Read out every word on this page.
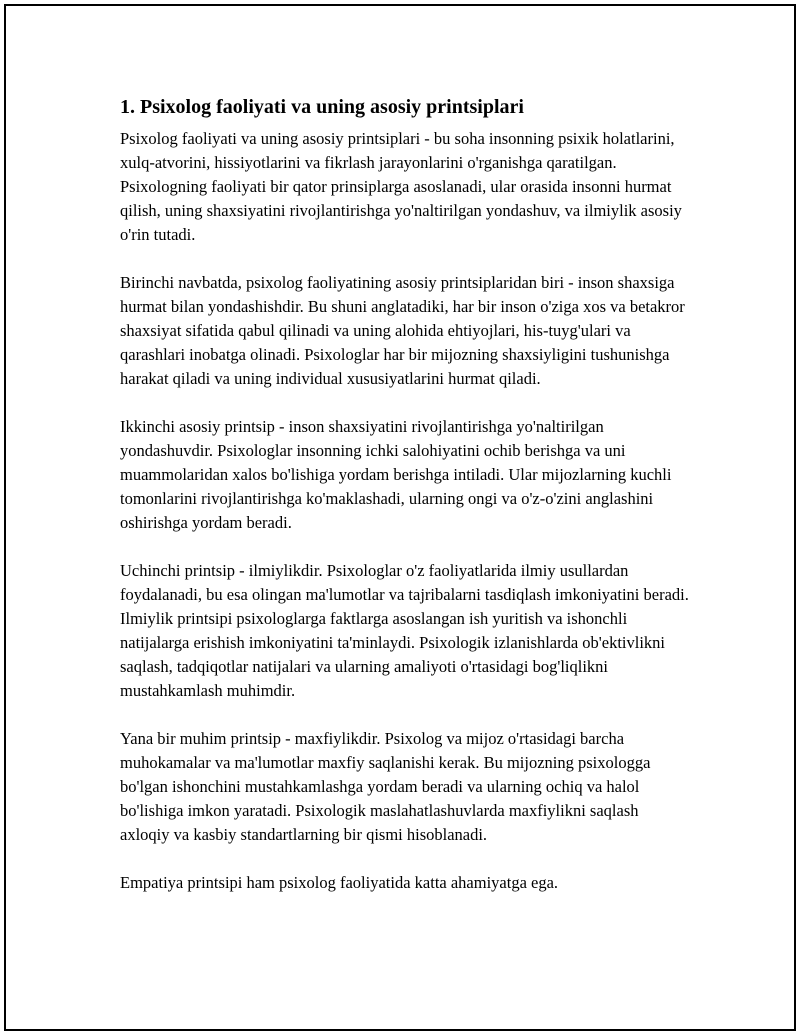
1. Psixolog faoliyati va uning asosiy printsiplari

Psixolog faoliyati va uning asosiy printsiplari - bu soha insonning psixik holatlarini, xulq-atvorini, hissiyotlarini va fikrlash jarayonlarini o'rganishga qaratilgan. Psixologning faoliyati bir qator prinsiplarga asoslanadi, ular orasida insonni hurmat qilish, uning shaxsiyatini rivojlantirishga yo'naltirilgan yondashuv, va ilmiylik asosiy o'rin tutadi.

Birinchi navbatda, psixolog faoliyatining asosiy printsiplaridan biri - inson shaxsiga hurmat bilan yondashishdir. Bu shuni anglatadiki, har bir inson o'ziga xos va betakror shaxsiyat sifatida qabul qilinadi va uning alohida ehtiyojlari, his-tuyg'ulari va qarashlari inobatga olinadi. Psixologlar har bir mijozning shaxsiyligini tushunishga harakat qiladi va uning individual xususiyatlarini hurmat qiladi.

Ikkinchi asosiy printsip - inson shaxsiyatini rivojlantirishga yo'naltirilgan yondashuvdir. Psixologlar insonning ichki salohiyatini ochib berishga va uni muammolaridan xalos bo'lishiga yordam berishga intiladi. Ular mijozlarning kuchli tomonlarini rivojlantirishga ko'maklashadi, ularning ongi va o'z-o'zini anglashini oshirishga yordam beradi.

Uchinchi printsip - ilmiylikdir. Psixologlar o'z faoliyatlarida ilmiy usullardan foydalanadi, bu esa olingan ma'lumotlar va tajribalarni tasdiqlash imkoniyatini beradi. Ilmiylik printsipi psixologlarga faktlarga asoslangan ish yuritish va ishonchli natijalarga erishish imkoniyatini ta'minlaydi. Psixologik izlanishlarda ob'ektivlikni saqlash, tadqiqotlar natijalari va ularning amaliyoti o'rtasidagi bog'liqlikni mustahkamlash muhimdir.

Yana bir muhim printsip - maxfiylikdir. Psixolog va mijoz o'rtasidagi barcha muhokamalar va ma'lumotlar maxfiy saqlanishi kerak. Bu mijozning psixologga bo'lgan ishonchini mustahkamlashga yordam beradi va ularning ochiq va halol bo'lishiga imkon yaratadi. Psixologik maslahatlashuvlarda maxfiylikni saqlash axloqiy va kasbiy standartlarning bir qismi hisoblanadi.

Empatiya printsipi ham psixolog faoliyatida katta ahamiyatga ega.
